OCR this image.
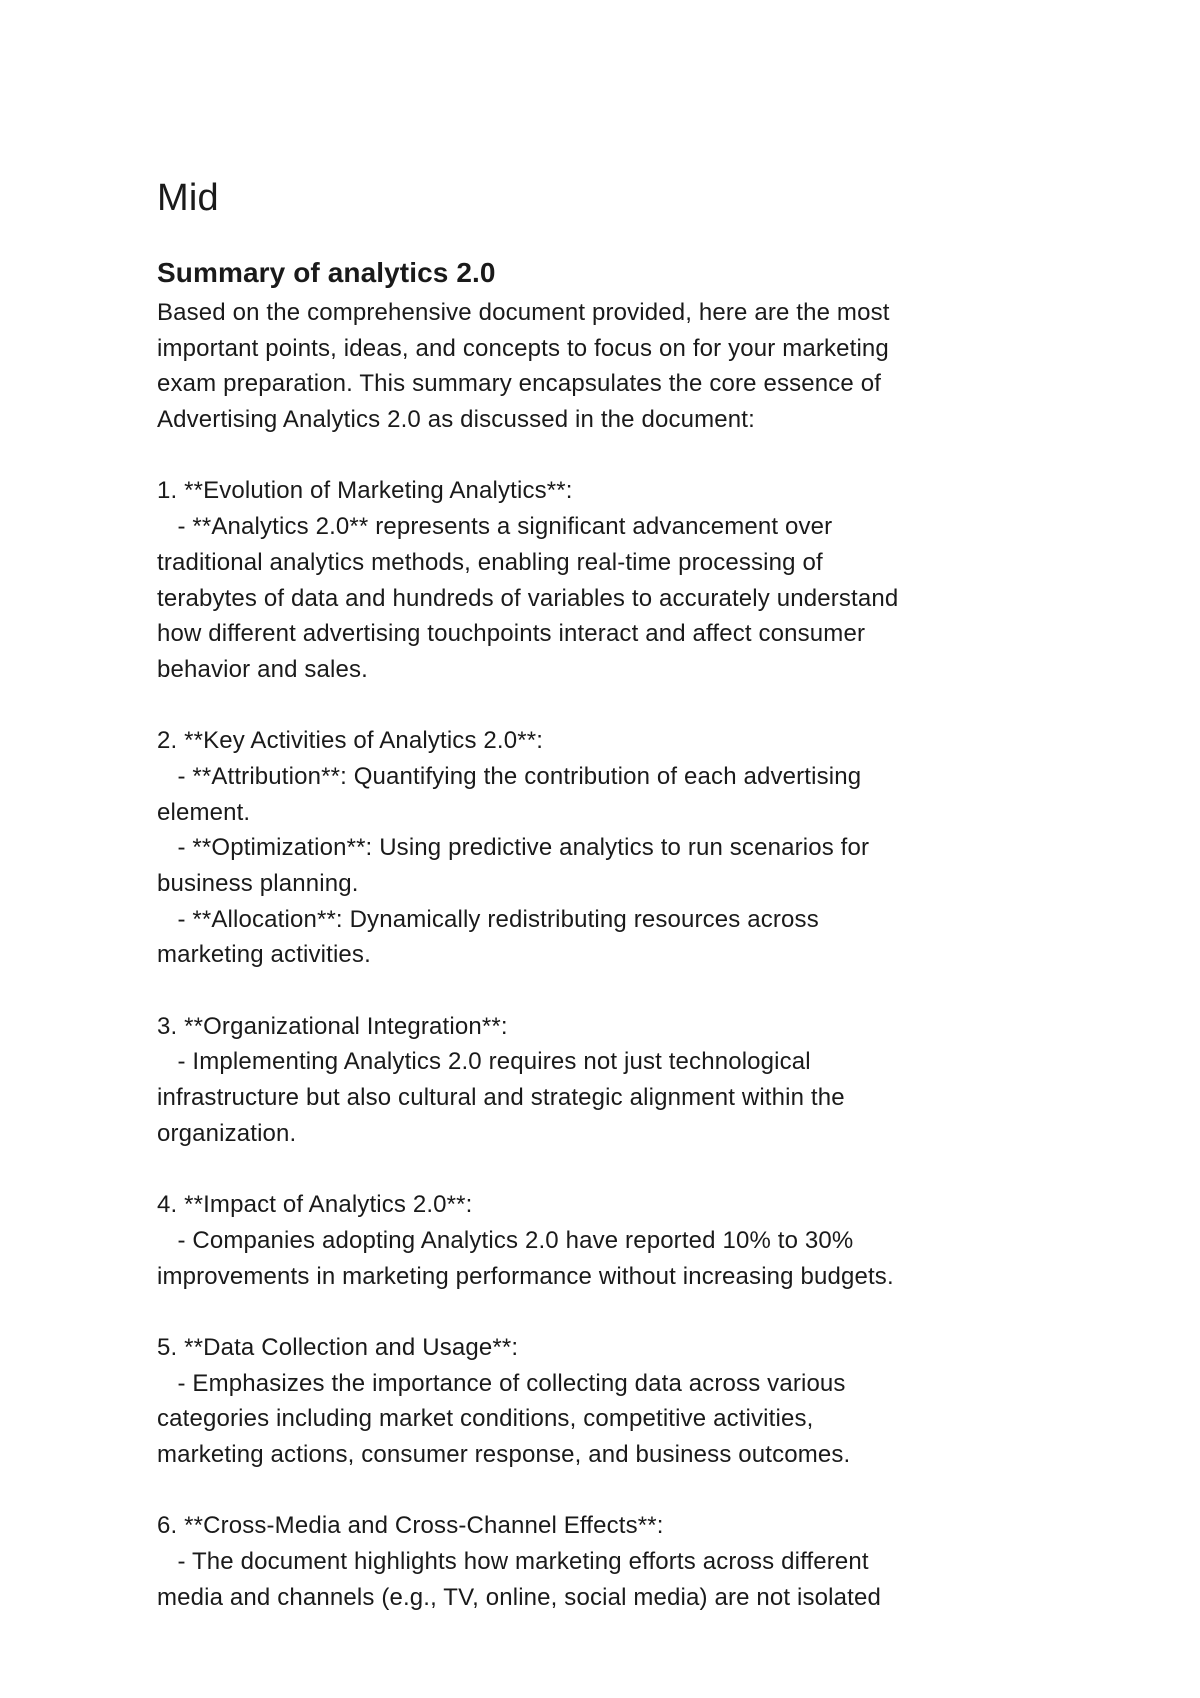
Mid
Summary of analytics 2.0
Based on the comprehensive document provided, here are the most
important points, ideas, and concepts to focus on for your marketing
exam preparation. This summary encapsulates the core essence of
Advertising Analytics 2.0 as discussed in the document:
1. **Evolution of Marketing Analytics**:
- **Analytics 2.0** represents a significant advancement over
traditional analytics methods, enabling real-time processing of
terabytes of data and hundreds of variables to accurately understand
how different advertising touchpoints interact and affect consumer
behavior and sales.
2. **Key Activities of Analytics 2.0**:
- **Attribution**: Quantifying the contribution of each advertising
element.
- **Optimization**: Using predictive analytics to run scenarios for
business planning.
- **Allocation**: Dynamically redistributing resources across
marketing activities.
3. **Organizational Integration**:
- Implementing Analytics 2.0 requires not just technological
infrastructure but also cultural and strategic alignment within the
organization.
4. **Impact of Analytics 2.0**:
- Companies adopting Analytics 2.0 have reported 10% to 30%
improvements in marketing performance without increasing budgets.
5. **Data Collection and Usage**:
- Emphasizes the importance of collecting data across various
categories including market conditions, competitive activities,
marketing actions, consumer response, and business outcomes.
6. **Cross-Media and Cross-Channel Effects**:
- The document highlights how marketing efforts across different
media and channels (e.g., TV, online, social media) are not isolated
